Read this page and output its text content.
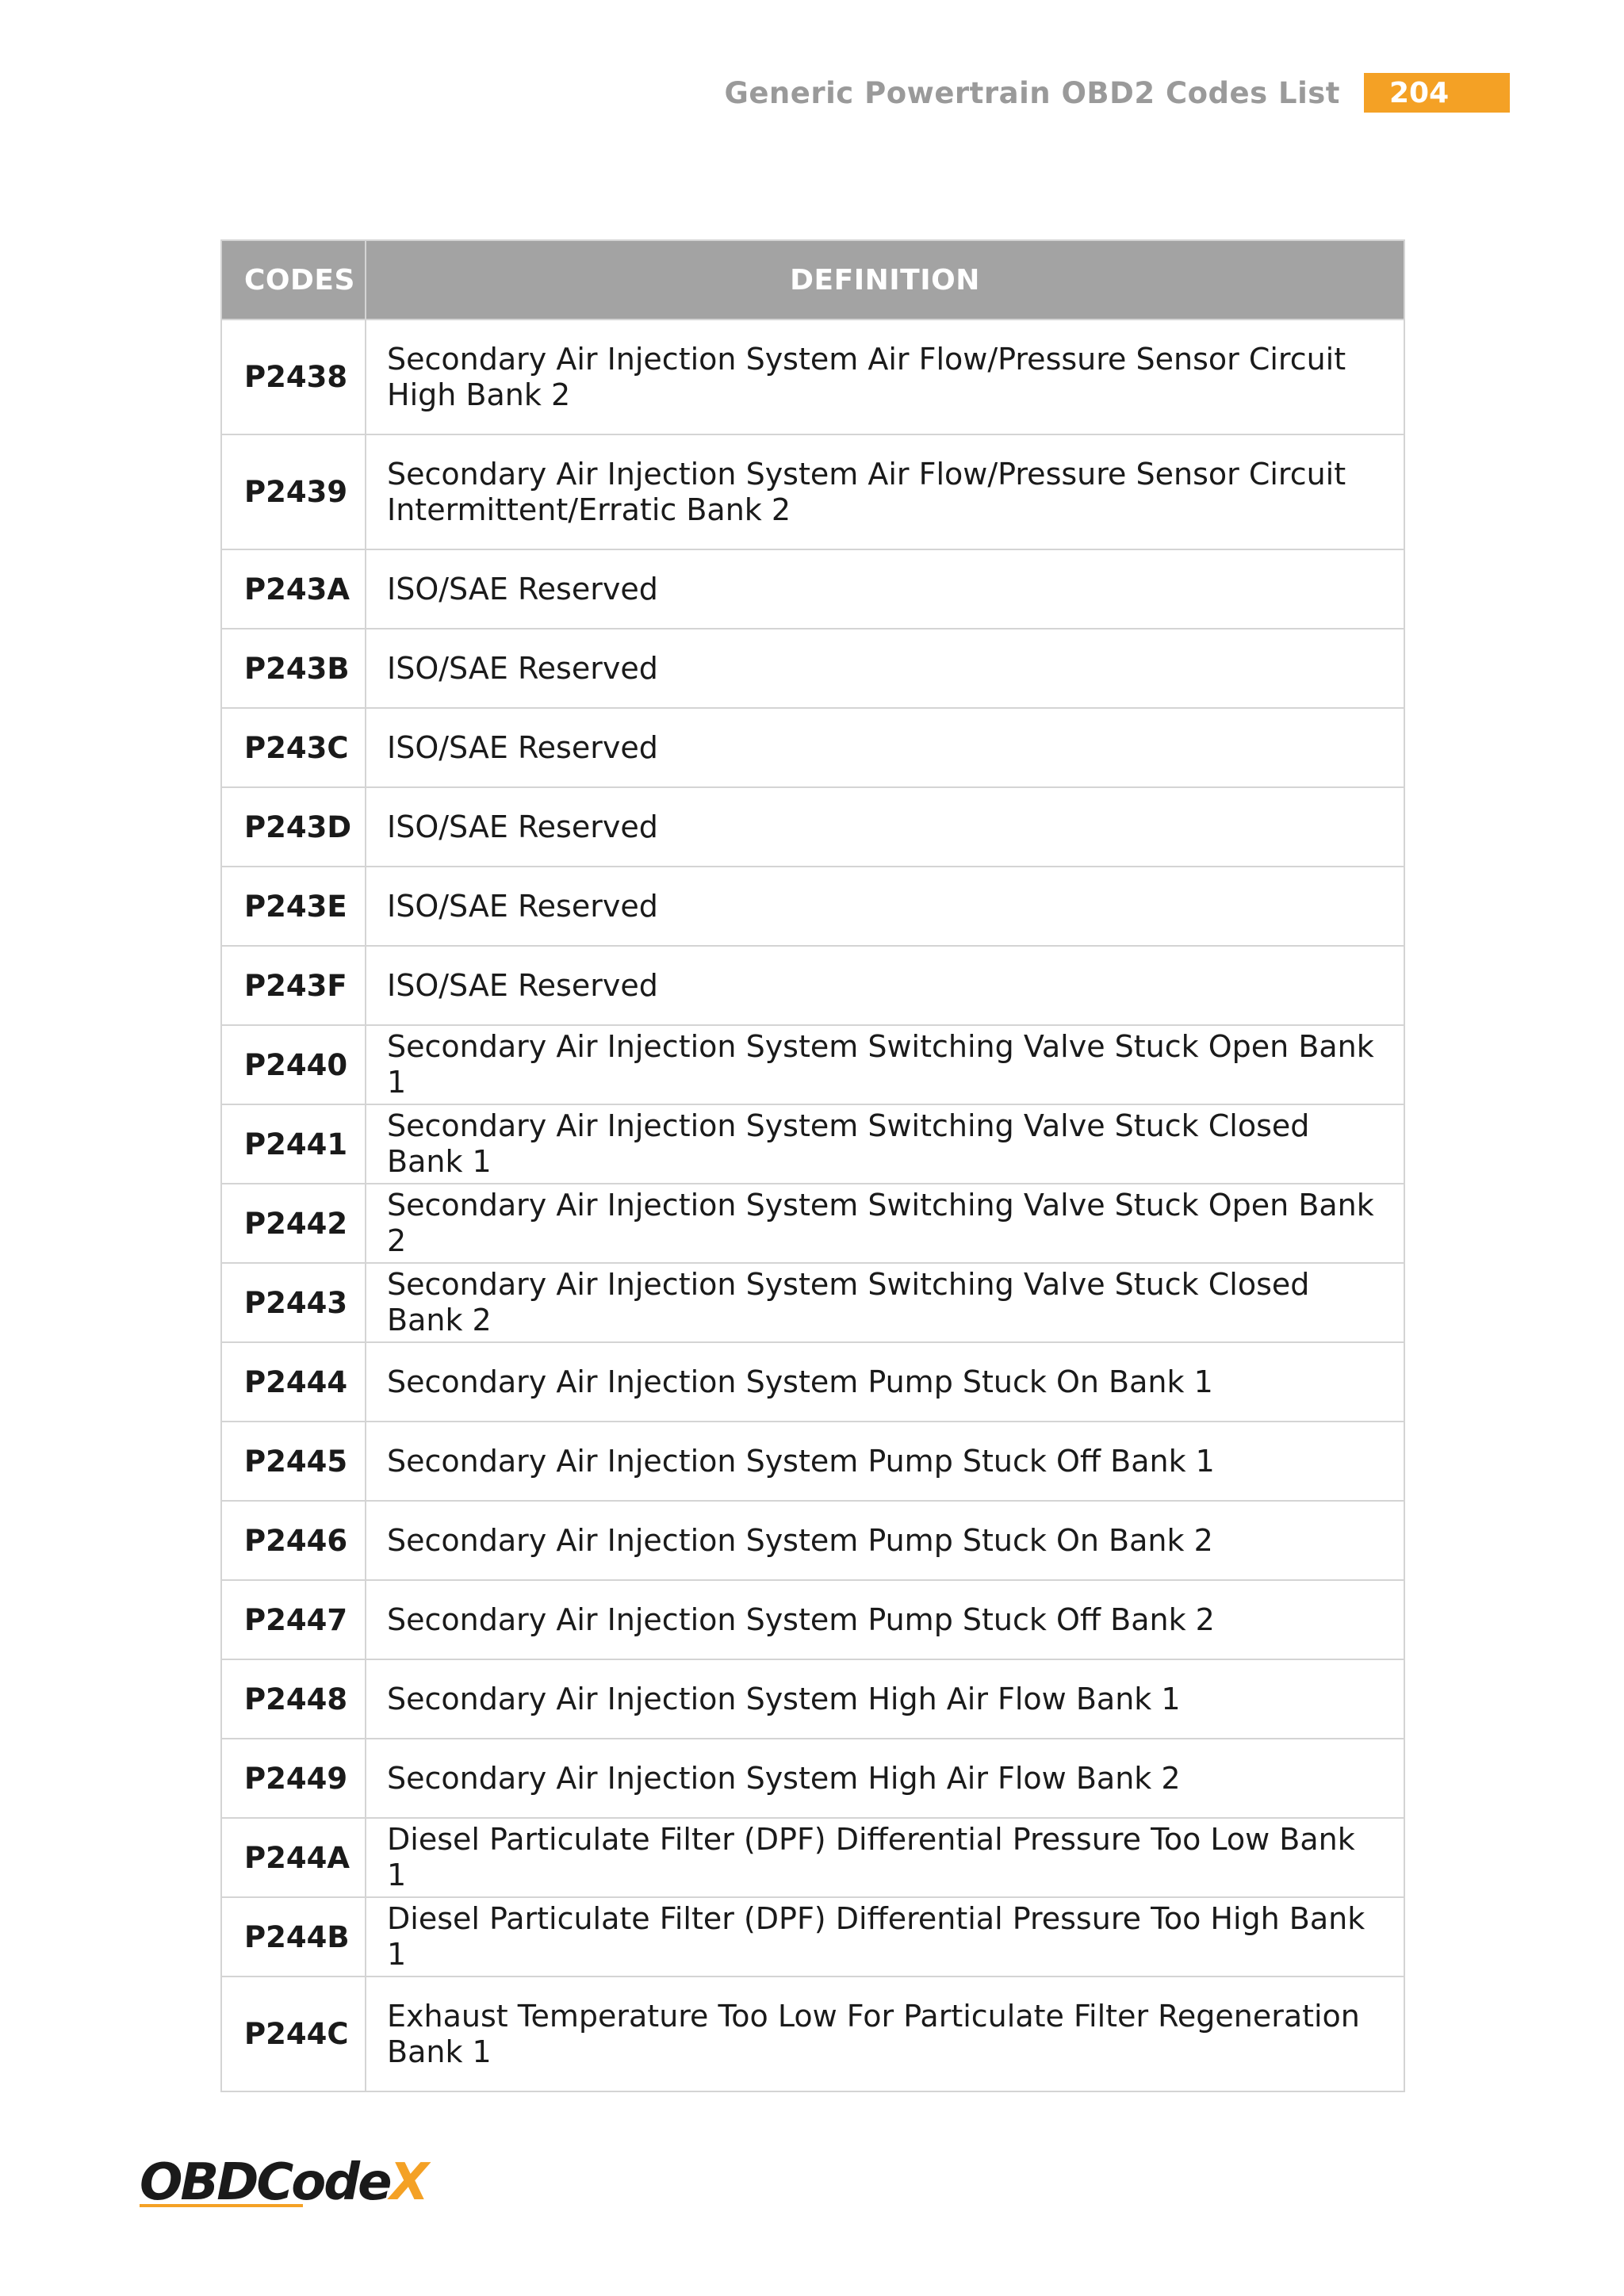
Generic Powertrain OBD2 Codes List	204
CODES	DEFINITION
P2438	Secondary Air Injection System Air Flow/Pressure Sensor Circuit High Bank 2
P2439	Secondary Air Injection System Air Flow/Pressure Sensor Circuit Intermittent/Erratic Bank 2
P243A	ISO/SAE Reserved
P243B	ISO/SAE Reserved
P243C	ISO/SAE Reserved
P243D	ISO/SAE Reserved
P243E	ISO/SAE Reserved
P243F	ISO/SAE Reserved
P2440	Secondary Air Injection System Switching Valve Stuck Open Bank 1
P2441	Secondary Air Injection System Switching Valve Stuck Closed Bank 1
P2442	Secondary Air Injection System Switching Valve Stuck Open Bank 2
P2443	Secondary Air Injection System Switching Valve Stuck Closed Bank 2
P2444	Secondary Air Injection System Pump Stuck On Bank 1
P2445	Secondary Air Injection System Pump Stuck Off Bank 1
P2446	Secondary Air Injection System Pump Stuck On Bank 2
P2447	Secondary Air Injection System Pump Stuck Off Bank 2
P2448	Secondary Air Injection System High Air Flow Bank 1
P2449	Secondary Air Injection System High Air Flow Bank 2
P244A	Diesel Particulate Filter (DPF) Differential Pressure Too Low Bank 1
P244B	Diesel Particulate Filter (DPF) Differential Pressure Too High Bank 1
P244C	Exhaust Temperature Too Low For Particulate Filter Regeneration Bank 1
OBDCodeX
